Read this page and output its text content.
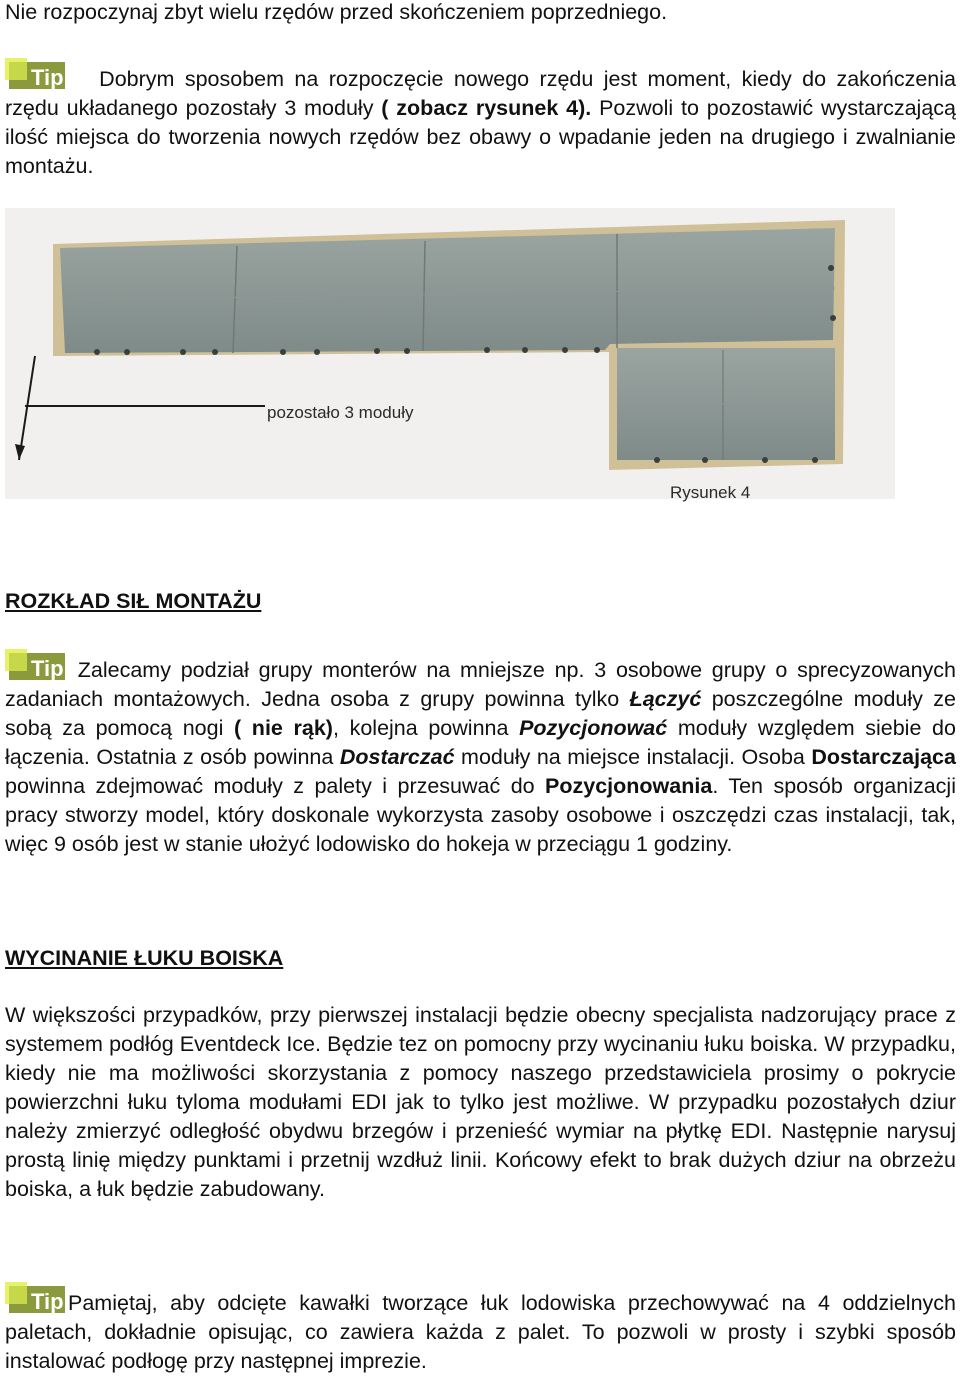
Nie rozpoczynaj zbyt wielu rzędów przed skończeniem poprzedniego.

Tip Dobrym sposobem na rozpoczęcie nowego rzędu jest moment, kiedy do zakończenia rzędu układanego pozostały 3 moduły ( zobacz rysunek 4). Pozwoli to pozostawić wystarczającą ilość miejsca do tworzenia nowych rzędów bez obawy o wpadanie jeden na drugiego i zwalnianie montażu.

pozostało 3 moduły
Rysunek 4
ROZKŁAD SIŁ MONTAŻU

Tip Zalecamy podział grupy monterów na mniejsze np. 3 osobowe grupy o sprecyzowanych zadaniach montażowych. Jedna osoba z grupy powinna tylko Łączyć poszczególne moduły ze sobą za pomocą nogi ( nie rąk), kolejna powinna Pozycjonować moduły względem siebie do łączenia. Ostatnia z osób powinna Dostarczać moduły na miejsce instalacji. Osoba Dostarczająca powinna zdejmować moduły z palety i przesuwać do Pozycjonowania. Ten sposób organizacji pracy stworzy model, który doskonale wykorzysta zasoby osobowe i oszczędzi czas instalacji, tak, więc 9 osób jest w stanie ułożyć lodowisko do hokeja w przeciągu 1 godziny.

WYCINANIE ŁUKU BOISKA

W większości przypadków, przy pierwszej instalacji będzie obecny specjalista nadzorujący prace z systemem podłóg Eventdeck Ice. Będzie tez on pomocny przy wycinaniu łuku boiska. W przypadku, kiedy nie ma możliwości skorzystania z pomocy naszego przedstawiciela prosimy o pokrycie powierzchni łuku tyloma modułami EDI jak to tylko jest możliwe. W przypadku pozostałych dziur należy zmierzyć odległość obydwu brzegów i przenieść wymiar na płytkę EDI. Następnie narysuj prostą linię między punktami i przetnij wzdłuż linii. Końcowy efekt to brak dużych dziur na obrzeżu boiska, a łuk będzie zabudowany.

Tip Pamiętaj, aby odcięte kawałki tworzące łuk lodowiska przechowywać na 4 oddzielnych paletach, dokładnie opisując, co zawiera każda z palet. To pozwoli w prosty i szybki sposób instalować podłogę przy następnej imprezie.
